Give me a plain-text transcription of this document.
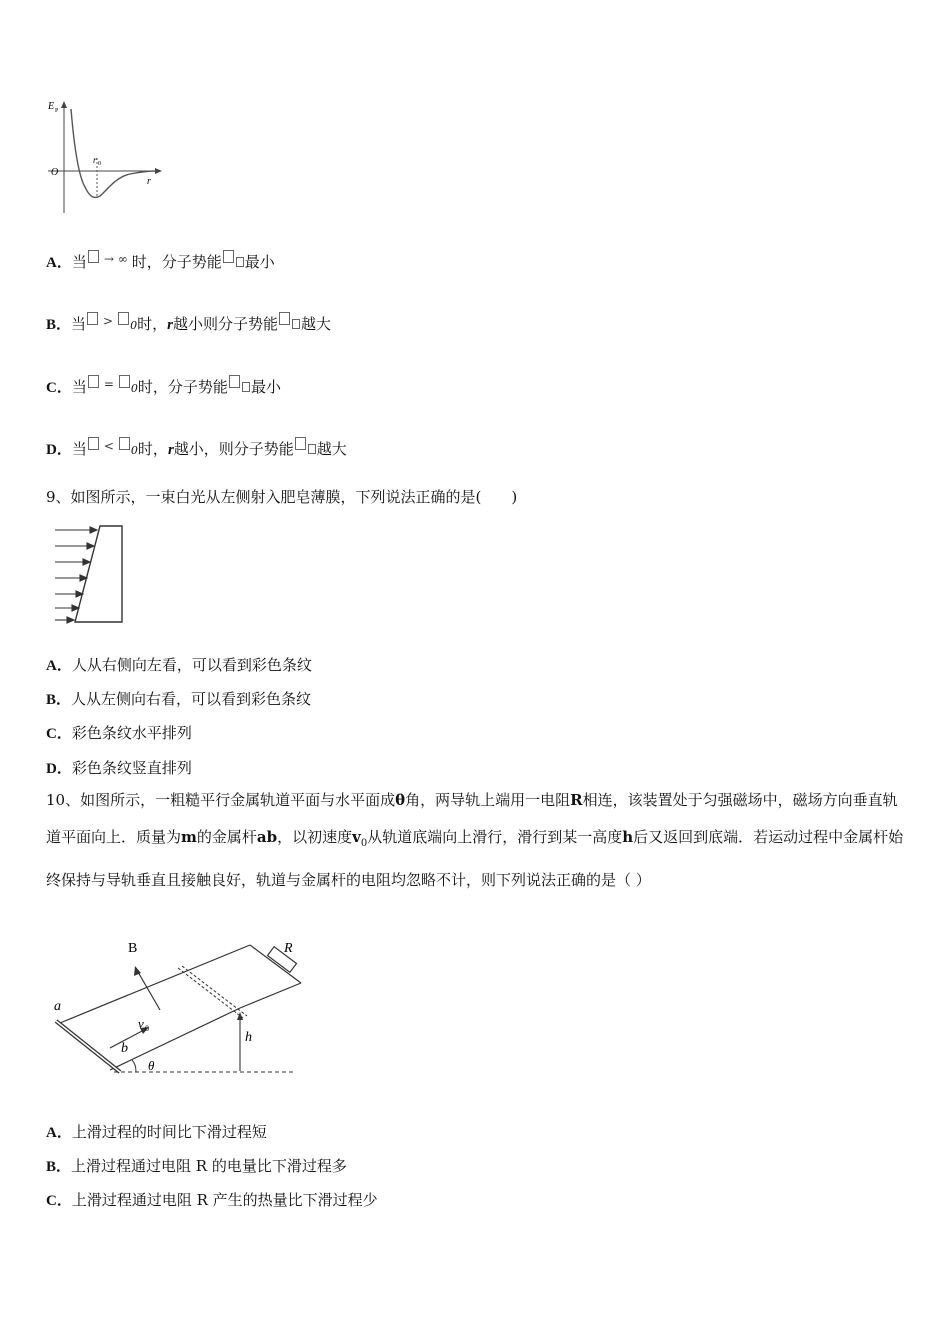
E P
O
r 0
r
A．当 → ∞ 时，分子势能 最小
B．当 > 0时，r越小则分子势能 越大
C．当 = 0时，分子势能 最小
D．当 < 0时，r越小，则分子势能 越大
9、如图所示，一束白光从左侧射入肥皂薄膜，下列说法正确的是(　　)
A．人从右侧向左看，可以看到彩色条纹
B．人从左侧向右看，可以看到彩色条纹
C．彩色条纹水平排列
D．彩色条纹竖直排列
10、如图所示，一粗糙平行金属轨道平面与水平面成θ角，两导轨上端用一电阻R相连，该装置处于匀强磁场中，磁场方向垂直轨道平面向上．质量为m的金属杆ab，以初速度$v_0$从轨道底端向上滑行，滑行到某一高度h后又返回到底端．若运动过程中金属杆始终保持与导轨垂直且接触良好，轨道与金属杆的电阻均忽略不计，则下列说法正确的是（ ）
B	R
a
b
v 0
h
θ
A．上滑过程的时间比下滑过程短
B．上滑过程通过电阻 R 的电量比下滑过程多
C．上滑过程通过电阻 R 产生的热量比下滑过程少
